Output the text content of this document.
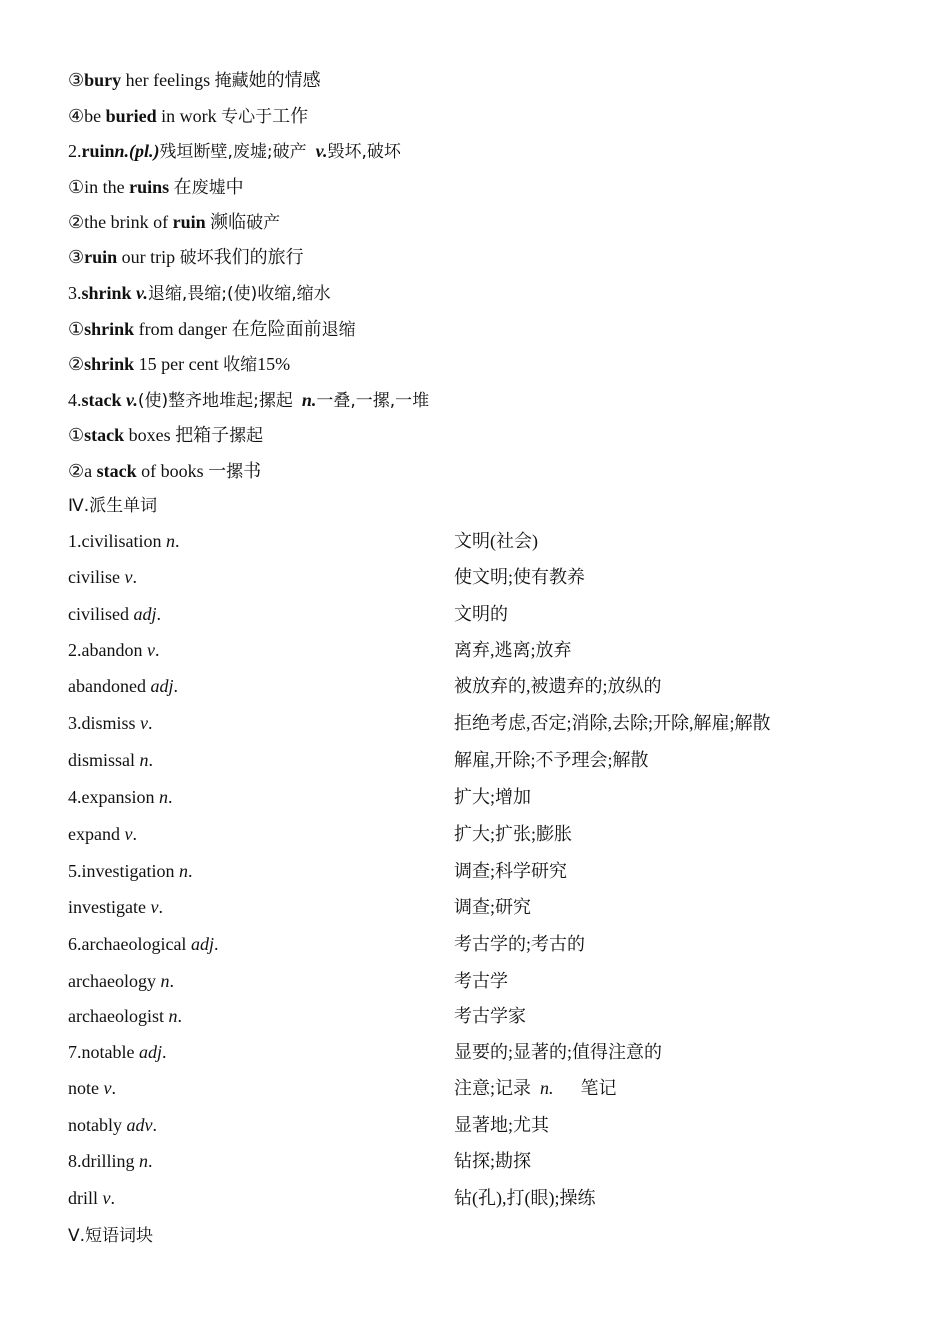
③bury her feelings 掩藏她的情感
④be buried in work 专心于工作
2.ruinn.(pl.)残垣断壁,废墟;破产 v.毁坏,破坏
①in the ruins 在废墟中
②the brink of ruin 濒临破产
③ruin our trip 破坏我们的旅行
3.shrink v.退缩,畏缩;(使)收缩,缩水
①shrink from danger 在危险面前退缩
②shrink 15 per cent 收缩15%
4.stack v.(使)整齐地堆起;摞起 n.一叠,一摞,一堆
①stack boxes 把箱子摞起
②a stack of books 一摞书
Ⅳ.派生单词
1.civilisation n.	文明(社会)
civilise v.	使文明;使有教养
civilised adj.	文明的
2.abandon v.	离弃,逃离;放弃
abandoned adj.	被放弃的,被遗弃的;放纵的
3.dismiss v.	拒绝考虑,否定;消除,去除;开除,解雇;解散
dismissal n.	解雇,开除;不予理会;解散
4.expansion n.	扩大;增加
expand v.	扩大;扩张;膨胀
5.investigation n.	调查;科学研究
investigate v.	调查;研究
6.archaeological adj.	考古学的;考古的
archaeology n.	考古学
archaeologist n.	考古学家
7.notable adj.	显要的;显著的;值得注意的
note v.	注意;记录 n. 笔记
notably adv.	显著地;尤其
8.drilling n.	钻探;勘探
drill v.	钻(孔),打(眼);操练
Ⅴ.短语词块
